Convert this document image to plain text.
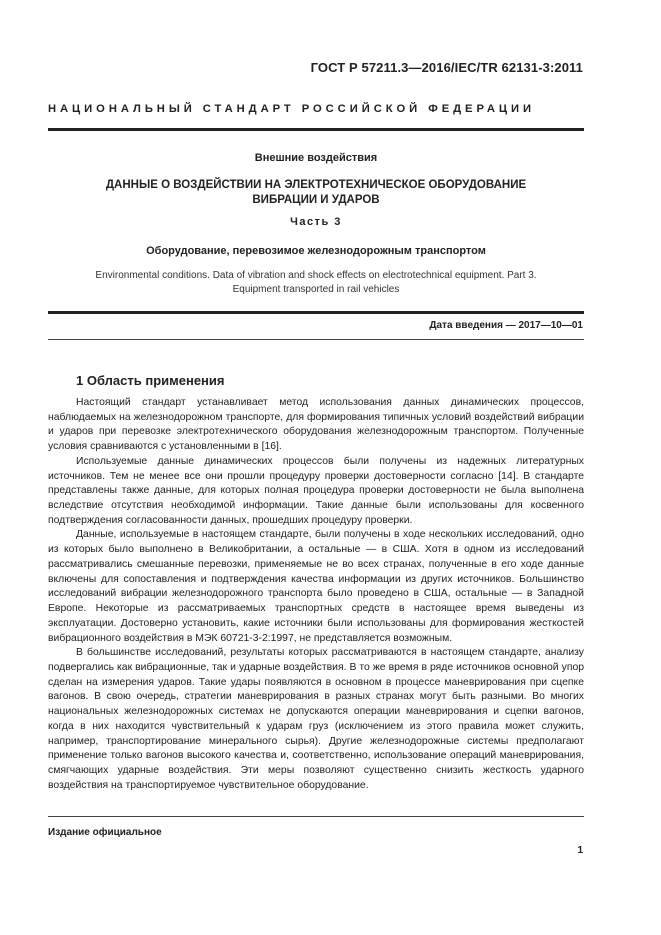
ГОСТ Р 57211.3—2016/IEC/TR 62131-3:2011
НАЦИОНАЛЬНЫЙ СТАНДАРТ РОССИЙСКОЙ ФЕДЕРАЦИИ
Внешние воздействия
ДАННЫЕ О ВОЗДЕЙСТВИИ НА ЭЛЕКТРОТЕХНИЧЕСКОЕ ОБОРУДОВАНИЕ
ВИБРАЦИИ И УДАРОВ
Часть 3
Оборудование, перевозимое железнодорожным транспортом
Environmental conditions. Data of vibration and shock effects on electrotechnical equipment. Part 3.
Equipment transported in rail vehicles
Дата введения — 2017—10—01
1 Область применения

Настоящий стандарт устанавливает метод использования данных динамических процессов, наблюдаемых на железнодорожном транспорте, для формирования типичных условий воздействий вибрации и ударов при перевозке электротехнического оборудования железнодорожным транспортом. Полученные условия сравниваются с установленными в [16].

Используемые данные динамических процессов были получены из надежных литературных источников. Тем не менее все они прошли процедуру проверки достоверности согласно [14]. В стандарте представлены также данные, для которых полная процедура проверки достоверности не была выполнена вследствие отсутствия необходимой информации. Такие данные были использованы для косвенного подтверждения согласованности данных, прошедших процедуру проверки.

Данные, используемые в настоящем стандарте, были получены в ходе нескольких исследований, одно из которых было выполнено в Великобритании, а остальные — в США. Хотя в одном из исследований рассматривались смешанные перевозки, применяемые не во всех странах, полученные в его ходе данные включены для сопоставления и подтверждения качества информации из других источников. Большинство исследований вибрации железнодорожного транспорта было проведено в США, остальные — в Западной Европе. Некоторые из рассматриваемых транспортных средств в настоящее время выведены из эксплуатации. Достоверно установить, какие источники были использованы для формирования жесткостей вибрационного воздействия в МЭК 60721-3-2:1997, не представляется возможным.

В большинстве исследований, результаты которых рассматриваются в настоящем стандарте, анализу подвергались как вибрационные, так и ударные воздействия. В то же время в ряде источников основной упор сделан на измерения ударов. Такие удары появляются в основном в процессе маневрирования при сцепке вагонов. В свою очередь, стратегии маневрирования в разных странах могут быть разными. Во многих национальных железнодорожных системах не допускаются операции маневрирования и сцепки вагонов, когда в них находится чувствительный к ударам груз (исключением из этого правила может служить, например, транспортирование минерального сырья). Другие железнодорожные системы предполагают применение только вагонов высокого качества и, соответственно, использование операций маневрирования, смягчающих ударные воздействия. Эти меры позволяют существенно снизить жесткость ударного воздействия на транспортируемое чувствительное оборудование.

Издание официальное
1
